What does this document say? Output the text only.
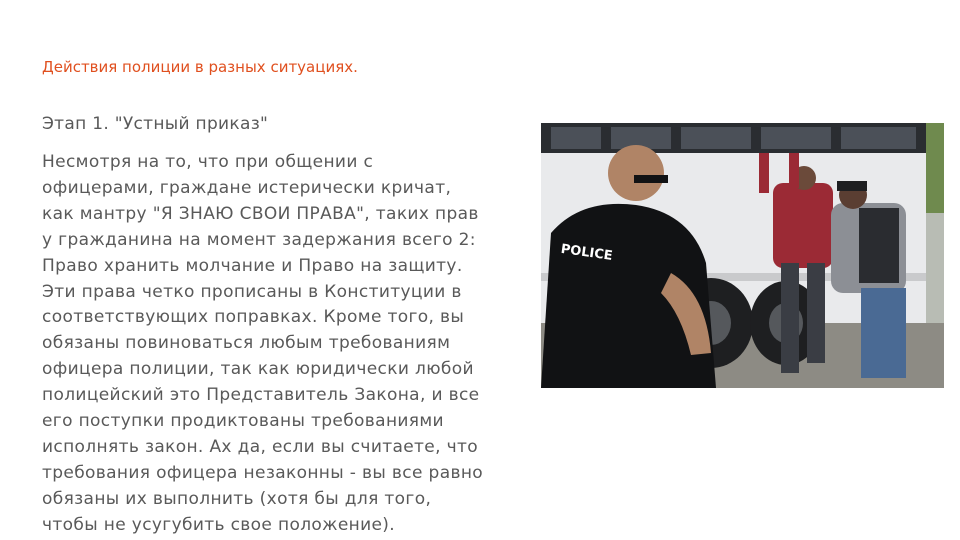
Действия полиции в разных ситуациях.
Этап 1. "Устный приказ"
Несмотря на то, что при общении с
офицерами, граждане истерически кричат,
как мантру "Я ЗНАЮ СВОИ ПРАВА", таких прав
у гражданина на момент задержания всего 2:
Право хранить молчание и Право на защиту.
Эти права четко прописаны в Конституции в
соответствующих поправках. Кроме того, вы
обязаны повиноваться любым требованиям
офицера полиции, так как юридически любой
полицейский это Представитель Закона, и все
его поступки продиктованы требованиями
исполнять закон. Ах да, если вы считаете, что
требования офицера незаконны - вы все равно
обязаны их выполнить (хотя бы для того,
чтобы не усугубить свое положение).
POLICE
